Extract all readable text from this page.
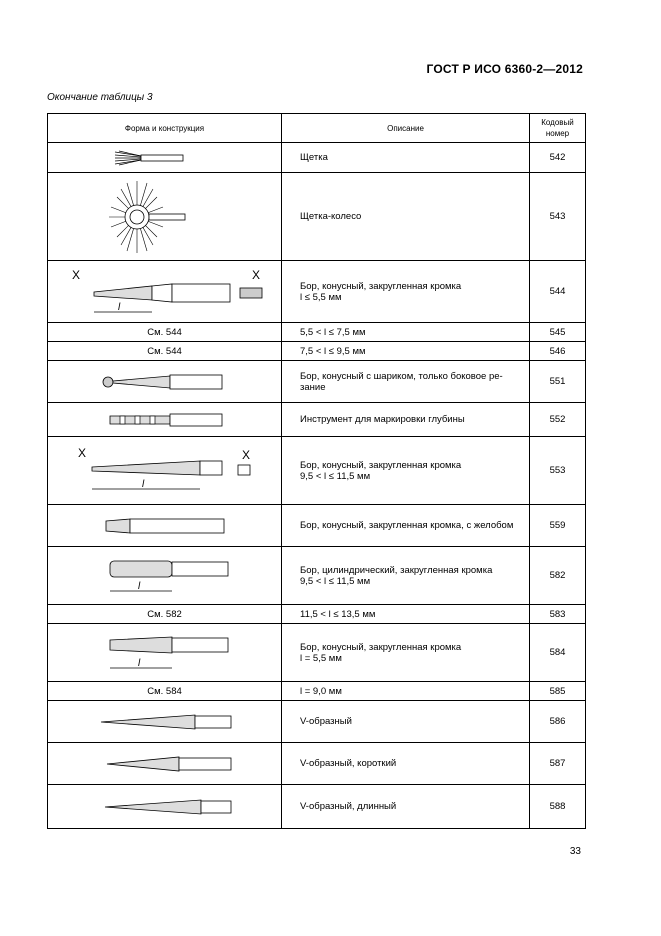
ГОСТ Р ИСО 6360-2—2012
Окончание таблицы 3
Форма и конструкция	Описание	Кодовый номер

	Щетка	542

	Щетка-колесо	543

X X
l	Бор, конусный, закругленная кромка
l ≤ 5,5 мм	544
См. 544	5,5 < l ≤ 7,5 мм	545
См. 544	7,5 < l ≤ 9,5 мм	546

	Бор, конусный с шариком, только боковое ре-
зание	551

	Инструмент для маркировки глубины	552

X X
l	Бор, конусный, закругленная кромка
9,5 < l ≤ 11,5 мм	553

	Бор, конусный, закругленная кромка, с желобом	559

l	Бор, цилиндрический, закругленная кромка
9,5 < l ≤ 11,5 мм	582
См. 582	11,5 < l ≤ 13,5 мм	583

l	Бор, конусный, закругленная кромка
l = 5,5 мм	584
См. 584	l = 9,0 мм	585

	V-образный	586

	V-образный, короткий	587

	V-образный, длинный	588
33
